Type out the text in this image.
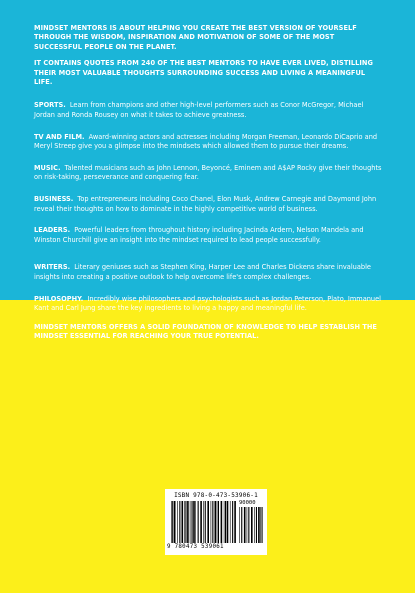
MINDSET MENTORS IS ABOUT HELPING YOU CREATE THE BEST VERSION OF YOURSELF THROUGH THE WISDOM, INSPIRATION AND MOTIVATION OF SOME OF THE MOST SUCCESSFUL PEOPLE ON THE PLANET.

IT CONTAINS QUOTES FROM 240 OF THE BEST MENTORS TO HAVE EVER LIVED, DISTILLING THEIR MOST VALUABLE THOUGHTS SURROUNDING SUCCESS AND LIVING A MEANINGFUL LIFE.

SPORTS. Learn from champions and other high-level performers such as Conor McGregor, Michael Jordan and Ronda Rousey on what it takes to achieve greatness.

TV AND FILM. Award-winning actors and actresses including Morgan Freeman, Leonardo DiCaprio and Meryl Streep give you a glimpse into the mindsets which allowed them to pursue their dreams.

MUSIC. Talented musicians such as John Lennon, Beyoncé, Eminem and A$AP Rocky give their thoughts on risk-taking, perseverance and conquering fear.

BUSINESS. Top entrepreneurs including Coco Chanel, Elon Musk, Andrew Carnegie and Daymond John reveal their thoughts on how to dominate in the highly competitive world of business.

LEADERS. Powerful leaders from throughout history including Jacinda Ardern, Nelson Mandela and Winston Churchill give an insight into the mindset required to lead people successfully.

WRITERS. Literary geniuses such as Stephen King, Harper Lee and Charles Dickens share invaluable insights into creating a positive outlook to help overcome life's complex challenges.

PHILOSOPHY. Incredibly wise philosophers and psychologists such as Jordan Peterson, Plato, Immanuel Kant and Carl Jung share the key ingredients to living a happy and meaningful life.

MINDSET MENTORS OFFERS A SOLID FOUNDATION OF KNOWLEDGE TO HELP ESTABLISH THE MINDSET ESSENTIAL FOR REACHING YOUR TRUE POTENTIAL.

ISBN 978-0-473-53906-1
90000
9 780473 539061
